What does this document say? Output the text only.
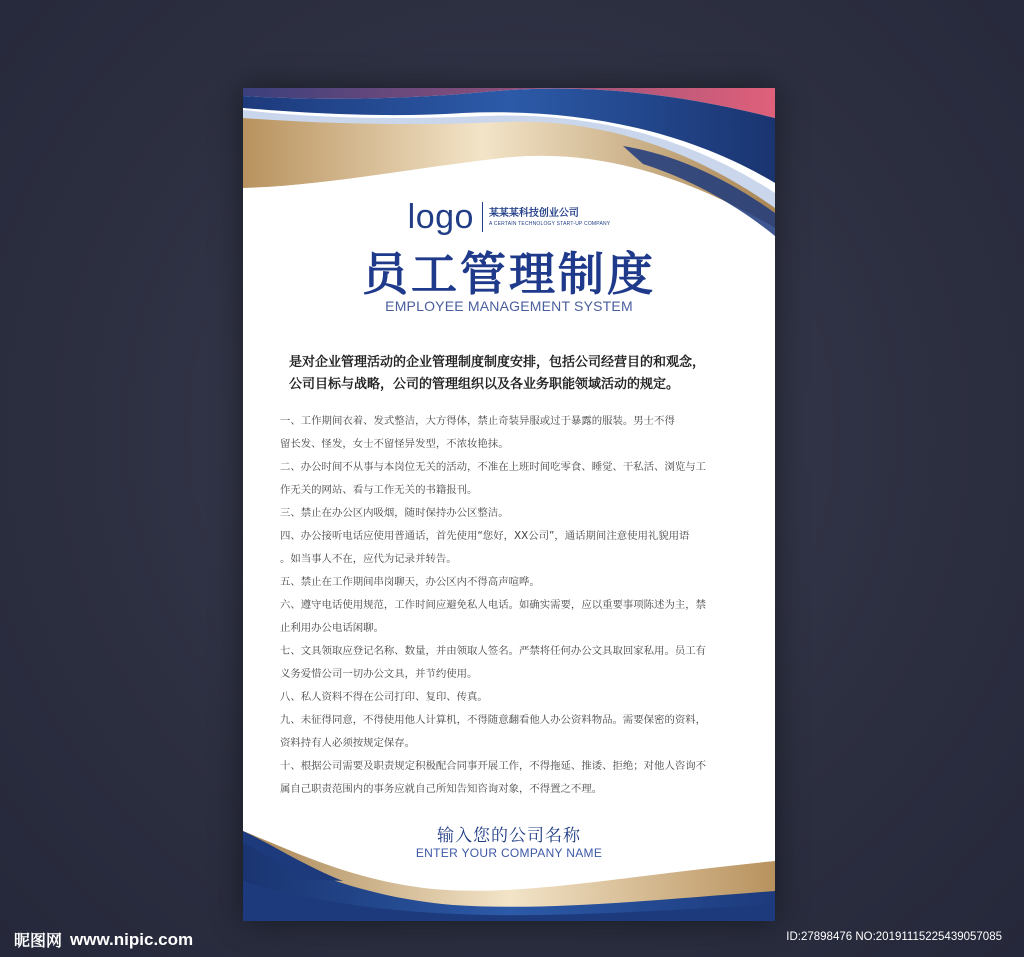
logo 某某某科技创业公司
A CERTAIN TECHNOLOGY START-UP COMPANY
员工管理制度
EMPLOYEE MANAGEMENT SYSTEM
是对企业管理活动的企业管理制度制度安排，包括公司经营目的和观念，
公司目标与战略，公司的管理组织以及各业务职能领域活动的规定。
一、工作期间衣着、发式整洁，大方得体，禁止奇装异服或过于暴露的服装。男士不得
留长发、怪发，女士不留怪异发型，不浓妆艳抹。
二、办公时间不从事与本岗位无关的活动，不准在上班时间吃零食、睡觉、干私活、浏览与工
作无关的网站、看与工作无关的书籍报刊。
三、禁止在办公区内吸烟，随时保持办公区整洁。
四、办公接听电话应使用普通话，首先使用“您好，XX公司”，通话期间注意使用礼貌用语
。如当事人不在，应代为记录并转告。
五、禁止在工作期间串岗聊天，办公区内不得高声喧哗。
六、遵守电话使用规范，工作时间应避免私人电话。如确实需要，应以重要事项陈述为主，禁
止利用办公电话闲聊。
七、文具领取应登记名称、数量，并由领取人签名。严禁将任何办公文具取回家私用。员工有
义务爱惜公司一切办公文具，并节约使用。
八、私人资料不得在公司打印、复印、传真。
九、未征得同意，不得使用他人计算机，不得随意翻看他人办公资料物品。需要保密的资料，
资料持有人必须按规定保存。
十、根据公司需要及职责规定积极配合同事开展工作，不得拖延、推诿、拒绝；对他人咨询不
属自己职责范围内的事务应就自己所知告知咨询对象，不得置之不理。
输入您的公司名称
ENTER YOUR COMPANY NAME
昵图网 www.nipic.com	ID:27898476 NO:20191115225439057085
